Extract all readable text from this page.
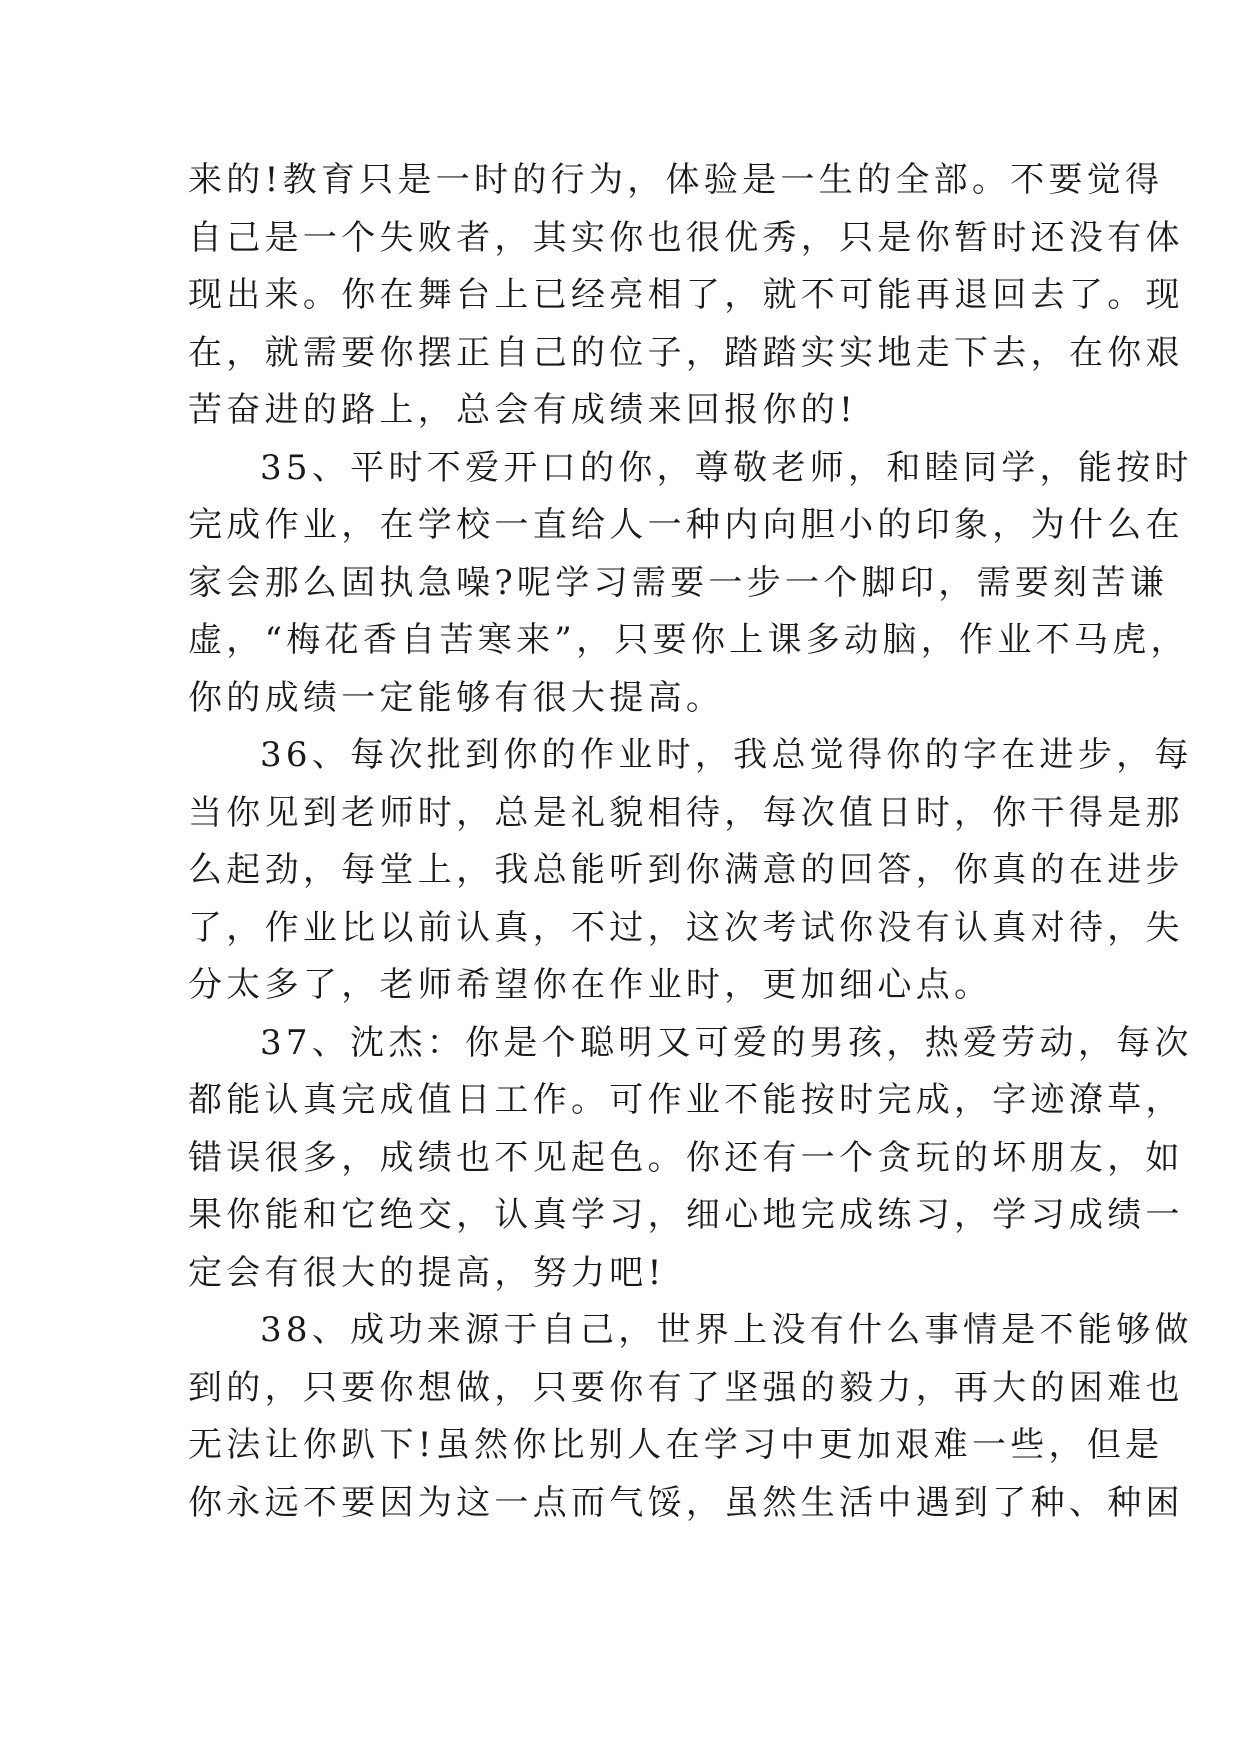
来的!教育只是一时的行为，体验是一生的全部。不要觉得
自己是一个失败者，其实你也很优秀，只是你暂时还没有体
现出来。你在舞台上已经亮相了，就不可能再退回去了。现
在，就需要你摆正自己的位子，踏踏实实地走下去，在你艰
苦奋进的路上，总会有成绩来回报你的!
35、平时不爱开口的你，尊敬老师，和睦同学，能按时
完成作业，在学校一直给人一种内向胆小的印象，为什么在
家会那么固执急噪?呢学习需要一步一个脚印，需要刻苦谦
虚，“梅花香自苦寒来”，只要你上课多动脑，作业不马虎，
你的成绩一定能够有很大提高。
36、每次批到你的作业时，我总觉得你的字在进步，每
当你见到老师时，总是礼貌相待，每次值日时，你干得是那
么起劲，每堂上，我总能听到你满意的回答，你真的在进步
了，作业比以前认真，不过，这次考试你没有认真对待，失
分太多了，老师希望你在作业时，更加细心点。
37、沈杰：你是个聪明又可爱的男孩，热爱劳动，每次
都能认真完成值日工作。可作业不能按时完成，字迹潦草，
错误很多，成绩也不见起色。你还有一个贪玩的坏朋友，如
果你能和它绝交，认真学习，细心地完成练习，学习成绩一
定会有很大的提高，努力吧!
38、成功来源于自己，世界上没有什么事情是不能够做
到的，只要你想做，只要你有了坚强的毅力，再大的困难也
无法让你趴下!虽然你比别人在学习中更加艰难一些，但是
你永远不要因为这一点而气馁，虽然生活中遇到了种、种困
